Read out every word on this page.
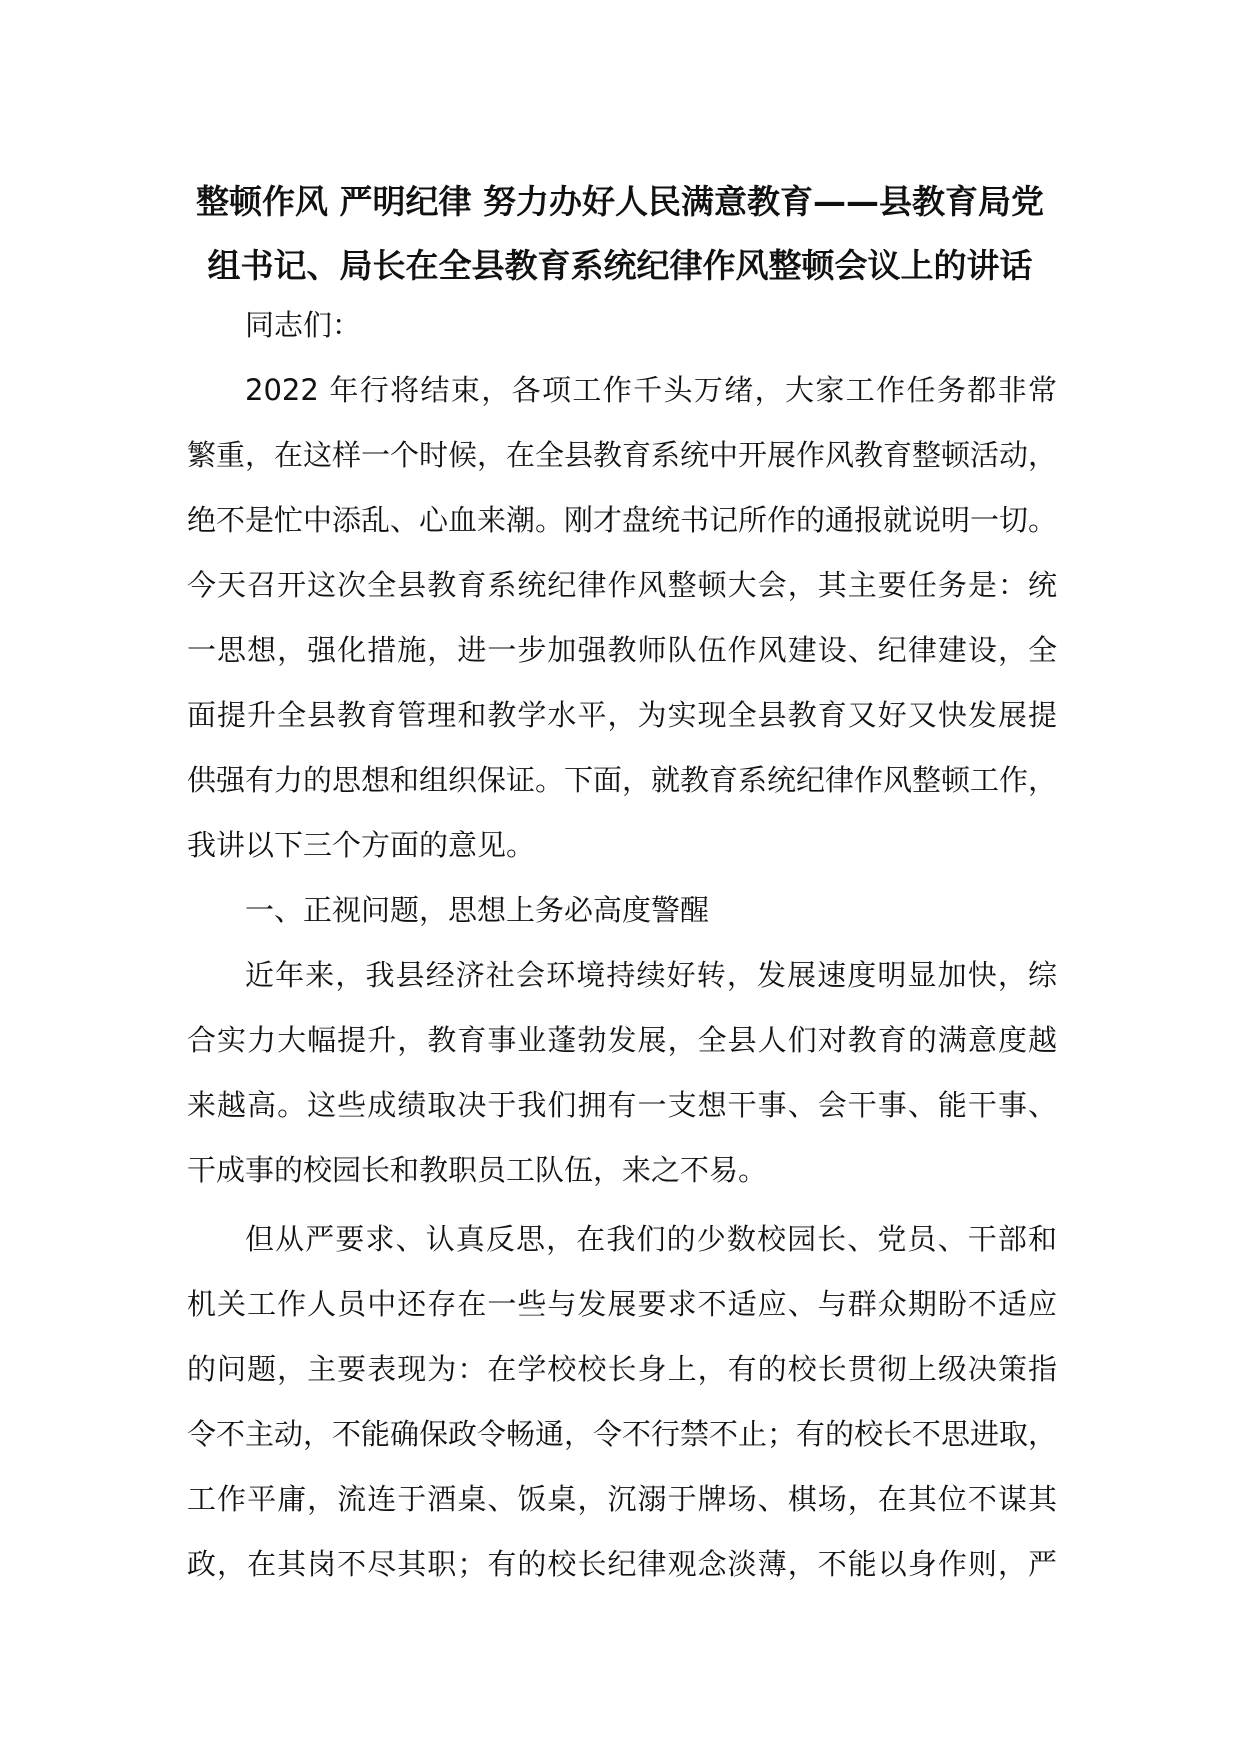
整顿作风 严明纪律 努力办好人民满意教育——县教育局党
组书记、局长在全县教育系统纪律作风整顿会议上的讲话
同志们：
2022 年行将结束，各项工作千头万绪，大家工作任务都非常
繁重，在这样一个时候，在全县教育系统中开展作风教育整顿活动，
绝不是忙中添乱、心血来潮。刚才盘统书记所作的通报就说明一切。
今天召开这次全县教育系统纪律作风整顿大会，其主要任务是：统
一思想，强化措施，进一步加强教师队伍作风建设、纪律建设，全
面提升全县教育管理和教学水平，为实现全县教育又好又快发展提
供强有力的思想和组织保证。下面，就教育系统纪律作风整顿工作，
我讲以下三个方面的意见。
一、正视问题，思想上务必高度警醒
近年来，我县经济社会环境持续好转，发展速度明显加快，综
合实力大幅提升，教育事业蓬勃发展，全县人们对教育的满意度越
来越高。这些成绩取决于我们拥有一支想干事、会干事、能干事、
干成事的校园长和教职员工队伍，来之不易。
但从严要求、认真反思，在我们的少数校园长、党员、干部和
机关工作人员中还存在一些与发展要求不适应、与群众期盼不适应
的问题，主要表现为：在学校校长身上，有的校长贯彻上级决策指
令不主动，不能确保政令畅通，令不行禁不止；有的校长不思进取，
工作平庸，流连于酒桌、饭桌，沉溺于牌场、棋场，在其位不谋其
政，在其岗不尽其职；有的校长纪律观念淡薄，不能以身作则，严
